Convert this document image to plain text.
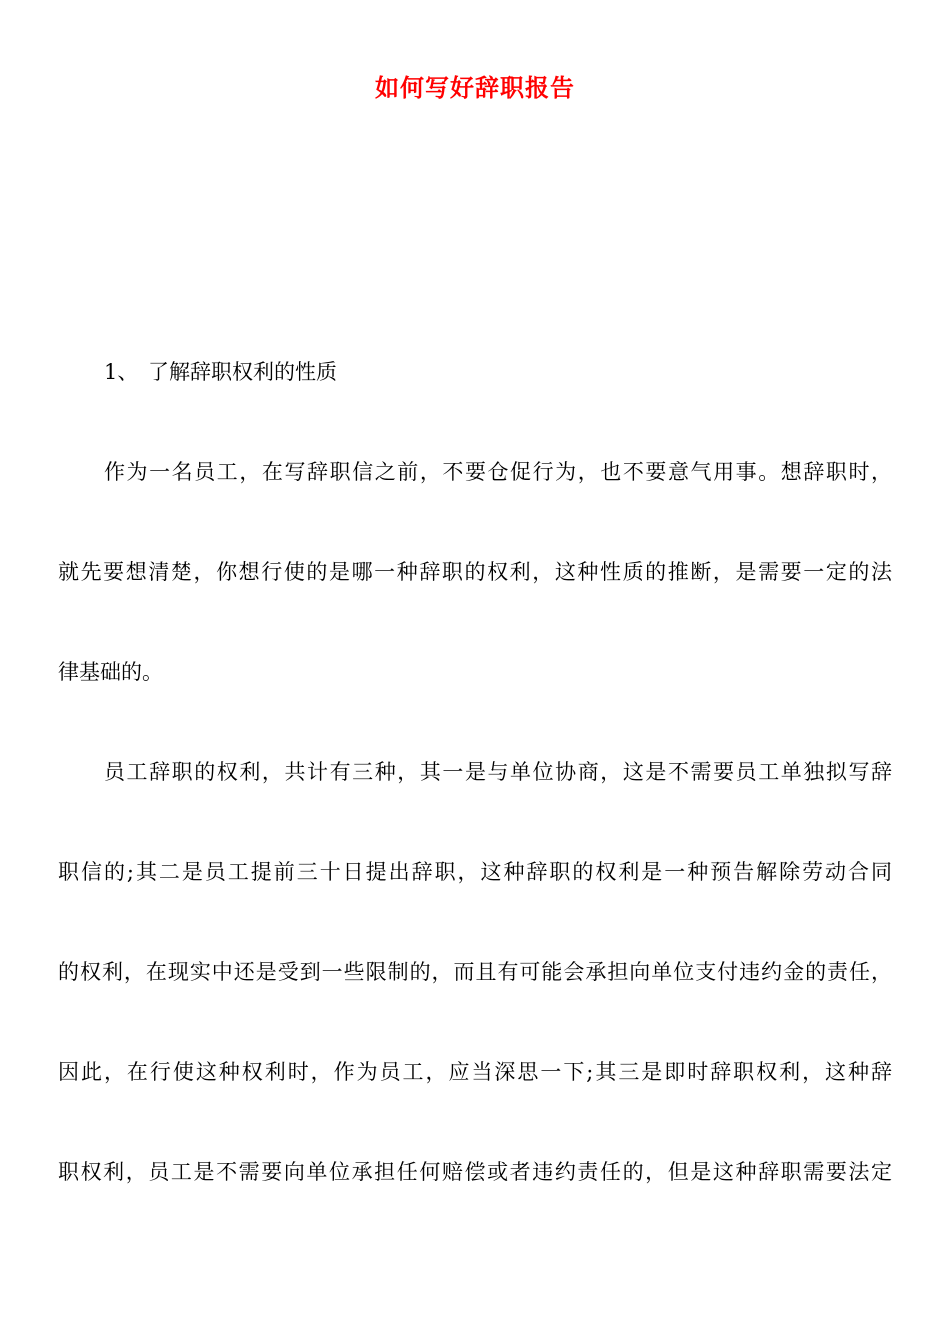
如何写好辞职报告
1、 了解辞职权利的性质
作为一名员工，在写辞职信之前，不要仓促行为，也不要意气用事。想辞职时，
就先要想清楚，你想行使的是哪一种辞职的权利，这种性质的推断，是需要一定的法
律基础的。
员工辞职的权利，共计有三种，其一是与单位协商，这是不需要员工单独拟写辞
职信的;其二是员工提前三十日提出辞职，这种辞职的权利是一种预告解除劳动合同
的权利，在现实中还是受到一些限制的，而且有可能会承担向单位支付违约金的责任，
因此，在行使这种权利时，作为员工，应当深思一下;其三是即时辞职权利，这种辞
职权利，员工是不需要向单位承担任何赔偿或者违约责任的，但是这种辞职需要法定
